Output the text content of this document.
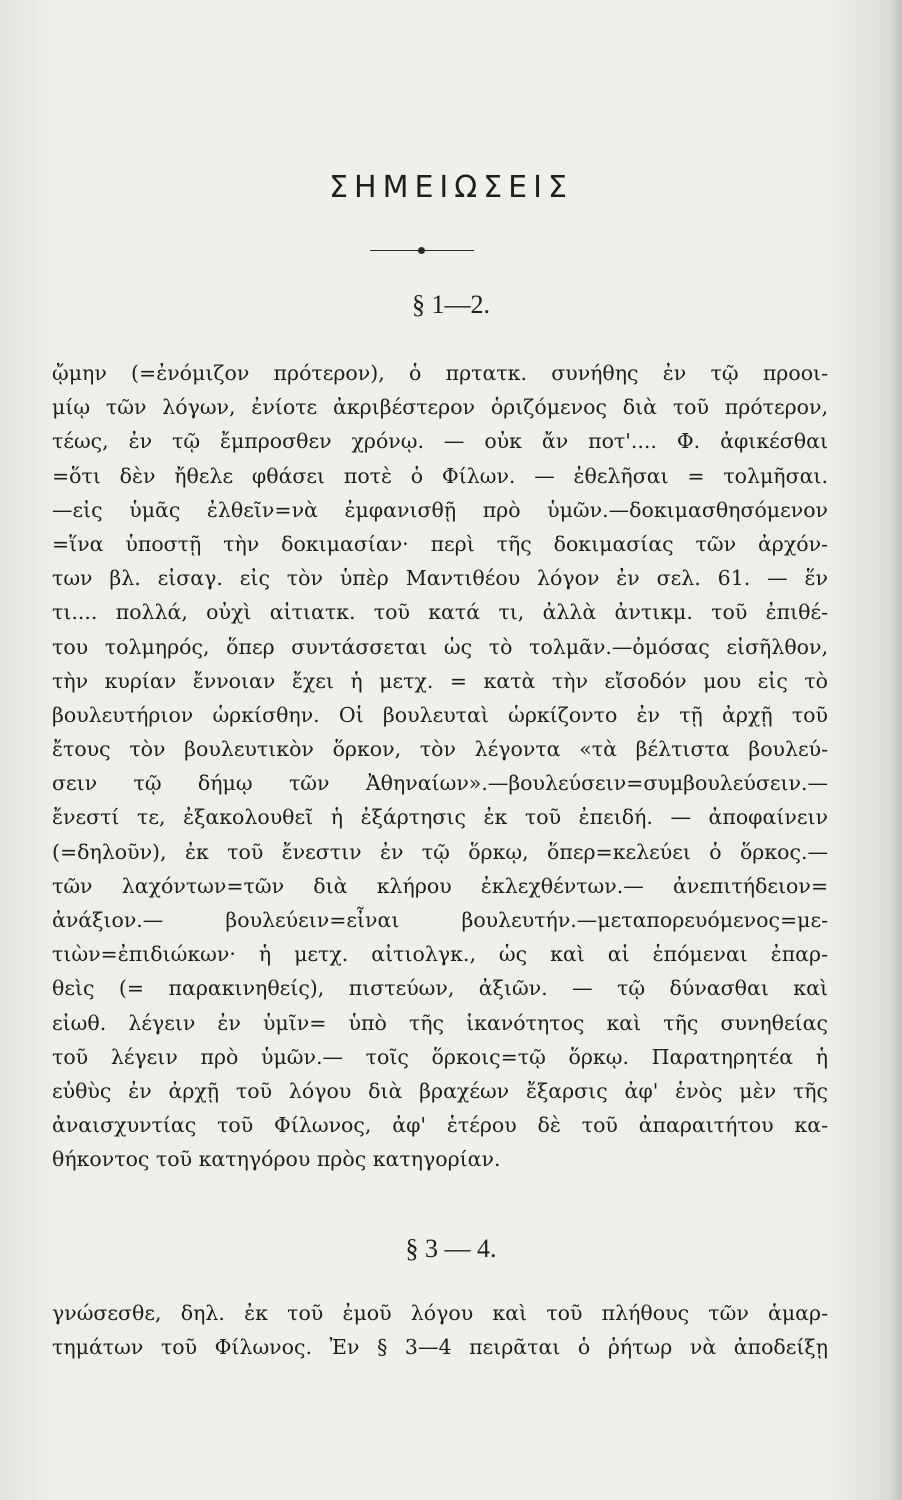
ΣΗΜΕΙΩΣΕΙΣ
§ 1—2.
ᾤμην (=ἐνόμιζον πρότερον), ὁ πρτατκ. συνήθης ἐν τῷ προοι-
μίῳ τῶν λόγων, ἐνίοτε ἀκριβέστερον ὁριζόμενος διὰ τοῦ πρότερον,
τέως, ἐν τῷ ἔμπροσθεν χρόνῳ. — οὐκ ἄν ποτ'.... Φ. ἀφικέσθαι
=ὅτι δὲν ἤθελε φθάσει ποτὲ ὁ Φίλων. — ἐθελῆσαι = τολμῆσαι.
—εἰς ὑμᾶς ἐλθεῖν=νὰ ἐμφανισθῇ πρὸ ὑμῶν.—δοκιμασθησόμενον
=ἵνα ὑποστῇ τὴν δοκιμασίαν· περὶ τῆς δοκιμασίας τῶν ἀρχόν-
των βλ. εἰσαγ. εἰς τὸν ὑπὲρ Μαντιθέου λόγον ἐν σελ. 61. — ἕν
τι.... πολλά, οὐχὶ αἰτιατκ. τοῦ κατά τι, ἀλλὰ ἀντικμ. τοῦ ἐπιθέ-
του τολμηρός, ὅπερ συντάσσεται ὡς τὸ τολμᾶν.—ὀμόσας εἰσῆλθον,
τὴν κυρίαν ἔννοιαν ἔχει ἡ μετχ. = κατὰ τὴν εἴσοδόν μου εἰς τὸ
βουλευτήριον ὡρκίσθην. Οἱ βουλευταὶ ὡρκίζοντο ἐν τῇ ἀρχῇ τοῦ
ἔτους τὸν βουλευτικὸν ὅρκον, τὸν λέγοντα «τὰ βέλτιστα βουλεύ-
σειν τῷ δήμῳ τῶν Ἀθηναίων».—βουλεύσειν=συμβουλεύσειν.—
ἔνεστί τε, ἐξακολουθεῖ ἡ ἐξάρτησις ἐκ τοῦ ἐπειδή. — ἀποφαίνειν
(=δηλοῦν), ἐκ τοῦ ἔνεστιν ἐν τῷ ὅρκῳ, ὅπερ=κελεύει ὁ ὅρκος.—
τῶν λαχόντων=τῶν διὰ κλήρου ἐκλεχθέντων.— ἀνεπιτήδειον=
ἀνάξιον.— βουλεύειν=εἶναι βουλευτήν.—μεταπορευόμενος=με-
τιὼν=ἐπιδιώκων· ἡ μετχ. αἰτιολγκ., ὡς καὶ αἱ ἑπόμεναι ἐπαρ-
θεὶς (= παρακινηθείς), πιστεύων, ἀξιῶν. — τῷ δύνασθαι καὶ
εἰωθ. λέγειν ἐν ὑμῖν= ὑπὸ τῆς ἱκανότητος καὶ τῆς συνηθείας
τοῦ λέγειν πρὸ ὑμῶν.— τοῖς ὅρκοις=τῷ ὅρκῳ. Παρατηρητέα ἡ
εὐθὺς ἐν ἀρχῇ τοῦ λόγου διὰ βραχέων ἔξαρσις ἀφ' ἑνὸς μὲν τῆς
ἀναισχυντίας τοῦ Φίλωνος, ἀφ' ἑτέρου δὲ τοῦ ἀπαραιτήτου κα-
θήκοντος τοῦ κατηγόρου πρὸς κατηγορίαν.
§ 3 — 4.
γνώσεσθε, δηλ. ἐκ τοῦ ἐμοῦ λόγου καὶ τοῦ πλήθους τῶν ἁμαρ-
τημάτων τοῦ Φίλωνος. Ἐν § 3—4 πειρᾶται ὁ ῥήτωρ νὰ ἀποδείξῃ
